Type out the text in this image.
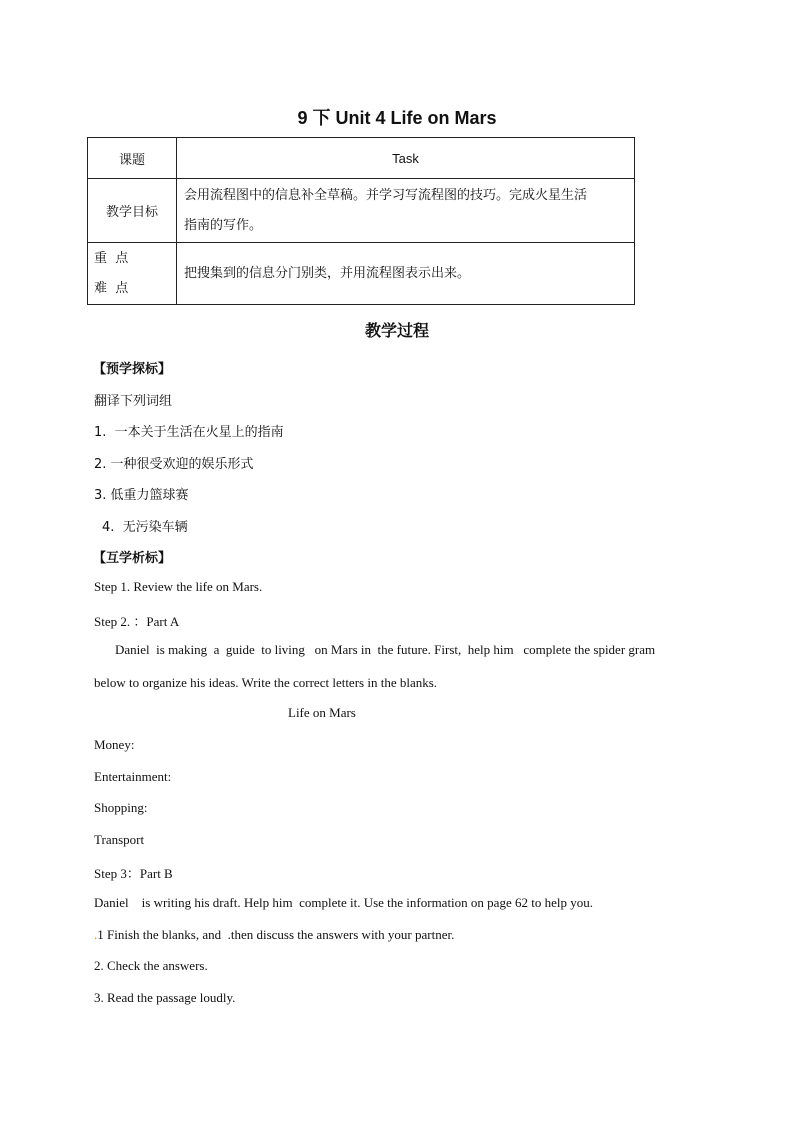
9 下 Unit 4 Life on Mars
课题	Task
教学目标	会用流程图中的信息补全草稿。并学习写流程图的技巧。完成火星生活
指南的写作。

重  点
难  点	把搜集到的信息分门别类，并用流程图表示出来。
教学过程
【预学探标】
翻译下列词组
1.  一本关于生活在火星上的指南
2. 一种很受欢迎的娱乐形式
3. 低重力篮球赛
4.  无污染车辆
【互学析标】
Step 1. Review the life on Mars.
Step 2. ：Part A
Daniel  is making  a  guide  to living   on Mars in  the future. First,  help him   complete the spider gram
below to organize his ideas. Write the correct letters in the blanks.
Life on Mars
Money:
Entertainment:
Shopping:
Transport
Step 3：Part B
Daniel    is writing his draft. Help him  complete it. Use the information on page 62 to help you.
.1 Finish the blanks, and  .then discuss the answers with your partner.
2. Check the answers.
3. Read the passage loudly.
